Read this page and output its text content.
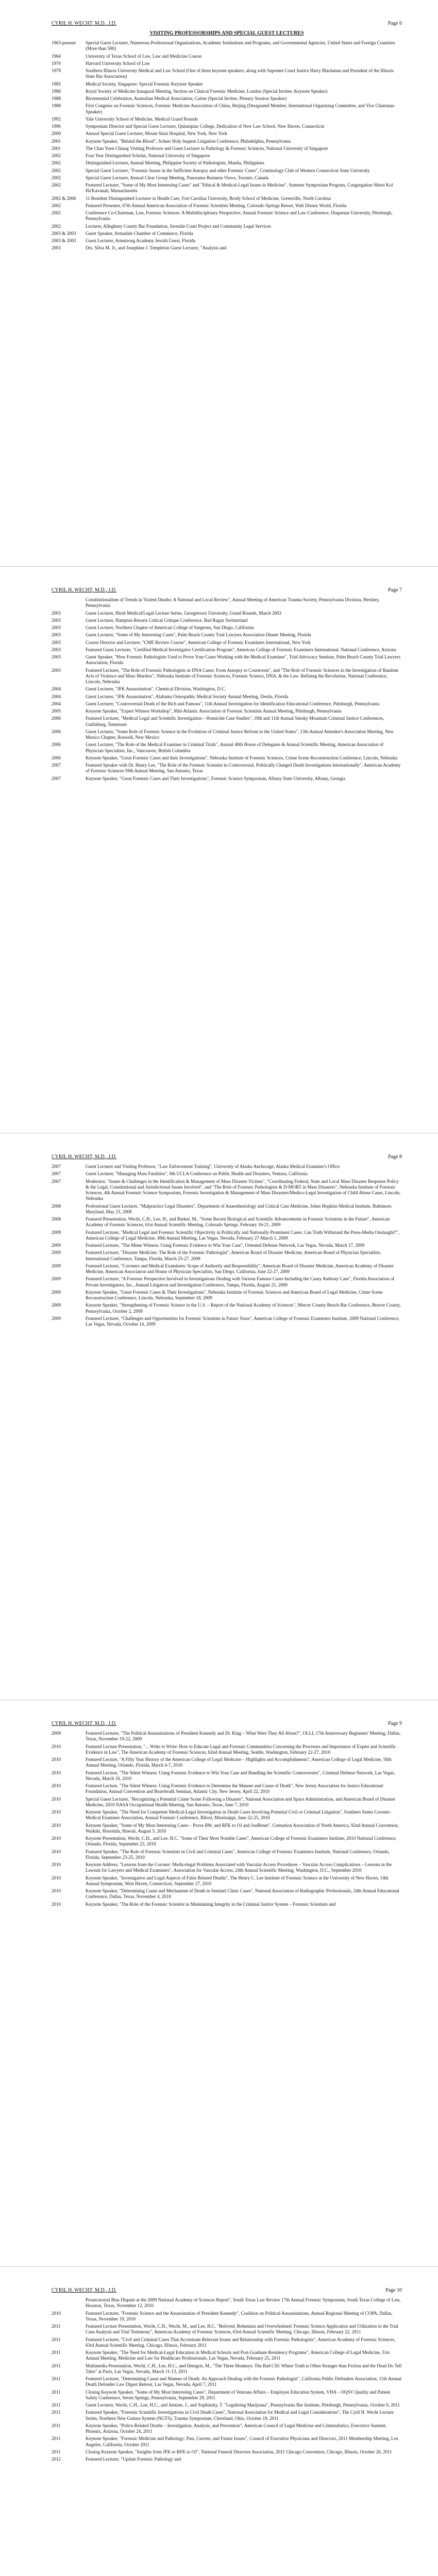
CYRIL H. WECHT, M.D., J.D.	Page 6
VISITING PROFESSORSHIPS AND SPECIAL GUEST LECTURES
1963-present	Special Guest Lecturer, Numerous Professional Organizations, Academic Institutions and Programs, and Governmental Agencies, United States and Foreign Countries (More than 500)
1964	University of Texas School of Law, Law and Medicine Course
1970	Harvard University School of Law
1979	Southern Illinois University Medical and Law School (One of three keynote speakers, along with Supreme Court Justice Harry Blackmun and President of the Illinois State Bar Association)
1985	Medical Society, Singapore: Special Forensic Keynote Speaker
1986	Royal Society of Medicine Inaugural Meeting, Section on Clinical Forensic Medicine, London (Special Invitee, Keynote Speaker)
1988	Bicentennial Celebration, Australian Medical Association, Cairns (Special Invitee, Plenary Session Speaker)
1988	First Congress on Forensic Sciences, Forensic Medicine Association of China, Beijing (Designated Member, International Organizing Committee, and Vice Chairman-Speaker)
1992	Yale University School of Medicine, Medical Grand Rounds
1996	Symposium Director and Special Guest Lecturer, Quinnipiac College, Dedication of New Law School, New Haven, Connecticut
2000	Annual Special Guest Lecturer, Mount Sinai Hospital, New York, New York
2001	Keynote Speaker, "Behind the Blood", Scheer Holy Inquest Litigation Conference, Philadelphia, Pennsylvania
2001	The Chan Yuen Chiang Visiting Professor and Guest Lecturer in Pathology & Forensic Sciences, National University of Singapore
2002	Four Year Distinguished Scholar, National University of Singapore
2002	Distinguished Lecturer, Annual Meeting, Philippine Society of Pathologists, Manila, Philippines
2002	Special Guest Lecturer, "Forensic Issues in the Sufficient Autopsy and other Forensic Cases", Criminology Club of Western Connecticut State University
2002	Special Guest Lecturer, Annual Clear Group Meeting, Panorama Business Views, Toronto, Canada
2002	Featured Lecturer, "Some of My Most Interesting Cases" and "Ethical & Medical-Legal Issues in Medicine", Summer Symposium Program, Congregation Shirei Kol Ha'Kavanah, Massachusetts
2002 & 2006	11 Resident Distinguished Lecturer in Health Care, Fort Carolina University, Brody School of Medicine, Greenville, North Carolina
2002	Featured Presenter, 67th Annual American Association of Forensic Scientists Meeting, Colorado Springs Resort, Walt Disney World, Florida
2002	Conference Co-Chairman, Law, Forensic Sciences: A Multidisciplinary Perspective, Annual Forensic Science and Law Conference, Duquesne University, Pittsburgh, Pennsylvania
2002	Lecturer, Allegheny County Bar Foundation, Juvenile Court Project and Community Legal Services
2003 & 2003	Guest Speaker, Armadale Chamber of Commerce, Florida
2003 & 2003	Guest Lecturer, Armstrong Academy Jewish Guest, Florida
2003	Drs. Silva M. Jr., and Josephine J. Templeton Guest Lecturer, "Analysis and
CYRIL H. WECHT, M.D., J.D.	Page 7
Constitutionalism of Trends in Violent Deaths: A National and Local Review", Annual Meeting of American Trauma Society, Pennsylvania Division, Hershey, Pennsylvania
2003	Guest Lecturer, Hirsh Medical/Legal Lecture Series, Georgetown University, Grand Rounds, March 2003
2003	Guest Lecturer, Hampton Resorts Critical Critique Conference, Bad Ragaz Switzerland
2003	Guest Lecturer, Northern Chapter of American College of Surgeons, San Diego, California
2003	Guest Lecturer, "Some of My Interesting Cases", Palm Beach County Trial Lawyers Association Dinner Meeting, Florida
2003	Course Director and Lecturer, "CME Review Course", American College of Forensic Examiners International, New York
2003	Featured Guest Lecturer, "Certified Medical Investigator Certification Program", American College of Forensic Examiners International, National Conference, Arizona
2003	Guest Speaker, "How Forensic Pathologists Used to Prove Your Cases Working with the Medical Examiner", Trial Advocacy Seminar, Palm Beach County Trial Lawyers Association, Florida
2003	Featured Lecturer, "The Role of Forensic Pathologists in DNA Cases: From Autopsy to Courtroom", and "The Role of Forensic Sciences in the Investigation of Random Acts of Violence and Mass Murders", Nebraska Institute of Forensic Sciences, Forensic Science, DNA, & the Law: Refining the Revolution, National Conference, Lincoln, Nebraska
2004	Guest Lecturer, "JFK Assassination", Chemical Division, Washington, D.C.
2004	Guest Lecturer, "JFK Assassination", Alabama Osteopathic Medical Society Annual Meeting, Destin, Florida
2004	Guest Lecturer, "Controversial Death of the Rich and Famous", 11th Annual Investigation for Identification Educational Conference, Pittsburgh, Pennsylvania
2005	Keynote Speaker, "Expert Witness Workshop", Mid-Atlantic Association of Forensic Scientists Annual Meeting, Pittsburgh, Pennsylvania
2006	Featured Lecturer, "Medical Legal and Scientific Investigation – Homicide Case Studies", 19th and 11th Annual Smoky Mountain Criminal Justice Conferences, Gatlinburg, Tennessee
2006	Guest Lecturer, "Some Role of Forensic Science in the Evolution of Criminal Justice Reform in the United States", 13th Annual Attendee's Association Meeting, New Mexico Chapter, Roswell, New Mexico
2006	Guest Lecturer, "The Role of the Medical Examiner in Criminal Trials", Annual 40th House of Delegates & Annual Scientific Meeting, American Association of Physician Specialists, Inc., Vancouver, British Columbia
2006	Keynote Speaker, "Great Forensic Cases and their Investigations", Nebraska Institute of Forensic Sciences, Crime Scene Reconstruction Conference, Lincoln, Nebraska
2007	Featured Speaker with Dr. Henry Lee, "The Role of the Forensic Scientist in Controversial, Politically Charged Death Investigations Internationally", American Academy of Forensic Sciences 59th Annual Meeting, San Antonio, Texas
2007	Keynote Speaker, "Great Forensic Cases and Their Investigations", Forensic Science Symposium, Albany State University, Albany, Georgia
CYRIL H. WECHT, M.D., J.D.	Page 8
2007	Guest Lecturer and Visiting Professor, "Law Enforcement Training", University of Alaska Anchorage, Alaska Medical Examiner's Office
2007	Guest Lecturer, "Managing Mass Fatalities", 8th UCLA Conference on Public Health and Disasters, Ventura, California
2007	Moderator, "Issues & Challenges in the Identification & Management of Mass Disaster Victims", "Coordinating Federal, State and Local Mass Disaster Response Policy & the Legal, Constitutional and Jurisdictional Issues Involved", and "The Role of Forensic Pathologists & D-MORT in Mass Disasters", Nebraska Institute of Forensic Sciences, 4th Annual Forensic Science Symposium, Forensic Investigation & Management of Mass Disasters/Medico-Legal Investigation of Child Abuse Cases, Lincoln, Nebraska
2008	Professional Guest Lecturer, "Malpractice Legal Disasters", Department of Anaesthesiology and Critical Care Medicine, Johns Hopkins Medical Institute, Baltimore, Maryland, May 23, 2008
2008	Featured Presentation, Wecht, C.H., Lee, H., and Barker, M., "Some Recent Biological and Scientific Advancements in Forensic Scientists in the Future", American Academy of Forensic Sciences, 61st Annual Scientific Meeting, Colorado Springs, February 16-21, 2009
2009	Featured Lecturer, "Medical Legal and Forensic Scientific Objectivity in Politically and Nationally Prominent Cases: Can Truth Withstand the Press-Media Onslaught?", American College of Legal Medicine, 49th Annual Meeting, Las Vegas, Nevada, February 27-March 1, 2009
2009	Featured Lecturer, "The Mime Witness: Using Forensic Evidence to Win Your Case", Oriented Defense Network, Las Vegas, Nevada, March 17, 2009
2009	Featured Lecturer, "Disaster Medicine: The Role of the Forensic Pathologist", American Board of Disaster Medicine, American Board of Physician Specialists, International Conference, Tampa, Florida, March 25-27, 2009
2009	Featured Lecturer, "Coroners and Medical Examiners: Scope of Authority and Responsibility", American Board of Disaster Medicine, American Academy of Disaster Medicine, American Association and House of Physician Specialists, San Diego, California, June 22-27, 2009
2009	Featured Lecturer, "A Forensic Perspective Involved in Investigations Dealing with Various Famous Cases Including the Casey Anthony Case", Florida Association of Private Investigators, Inc., Annual Litigation and Investigation Conference, Tampa, Florida, August 21, 2009
2009	Keynote Speaker, "Great Forensic Cases & Their Investigations", Nebraska Institute of Forensic Sciences and American Board of Legal Medicine, Crime Scene Reconstruction Conference, Lincoln, Nebraska, September 18, 2009
2009	Keynote Speaker, "Strengthening of Forensic Science in the U.S. – Report of the National Academy of Sciences", Mercer County Bench-Bar Conference, Beaver County, Pennsylvania, October 2, 2009
2009	Featured Lecturer, "Challenges and Opportunities for Forensic Scientists in Future Years", American College of Forensic Examiners Institute, 2009 National Conference, Las Vegas, Nevada, October 14, 2009
CYRIL H. WECHT, M.D., J.D.	Page 9
2009	Featured Lecturer, "The Political Assassinations of President Kennedy and Dr. King – What Were They All About?", OLLI, 17th Anniversary Beginners' Meeting, Dallas, Texas, November 19-22, 2009
2010	Featured Lecture Presentation, "... Write to Write: How to Educate Legal and Forensic Communities Concerning the Processes and Importance of Expert and Scientific Evidence in Law", The American Academy of Forensic Sciences, 62nd Annual Meeting, Seattle, Washington, February 22-27, 2010
2010	Featured Lecture, "A Fifty Year History of the American College of Legal Medicine – Highlights and Accomplishments", American College of Legal Medicine, 50th Annual Meeting, Orlando, Florida, March 4-7, 2010
2010	Featured Lecture, "The Silent Witness: Using Forensic Evidence to Win Your Case and Handling the Scientific Controversies", Criminal Defense Network, Las Vegas, Nevada, March 16, 2010
2010	Featured Lecture, "The Silent Witness: Using Forensic Evidence to Determine the Manner and Cause of Death", New Jersey Association for Justice Educational Foundation, Annual Convention and Boardwalk Seminar, Atlantic City, New Jersey, April 22, 2010
2010	Special Guest Lecturer, "Recognizing a Potential Crime Scene Following a Disaster", National Association and Space Administration, and American Board of Disaster Medicine, 2010 NASA Occupational Health Meeting, San Antonio, Texas, June 7, 2010
2010	Keynote Speaker, "The Need for Competent Medical-Legal Investigation in Death Cases Involving Potential Civil or Criminal Litigation", Southern States Coroner-Medical Examiner Association, Annual Forensic Conference, Biloxi, Mississippi, June 22-25, 2010
2010	Keynote Speaker, "Some of My Most Interesting Cases – Prove RW, and RFK to OJ and JonBenet", Cremation Association of North America, 92nd Annual Convention, Waikiki, Honolulu, Hawaii, August 5, 2010
2010	Keynote Presentation, Wecht, C.H., and Lee, H.C. "Some of Their Most Notable Cases", American College of Forensic Examiners Institute, 2010 National Conference, Orlando, Florida, September 23, 2010
2010	Featured Speaker, "The Role of Forensic Scientists in Civil and Criminal Cases", American College of Forensic Examiners Institute, National Conference, Orlando, Florida, September 23-25, 2010
2010	Keynote Address, "Lessons from the Coroner: Medicolegal Problems Associated with Vascular Access Procedures – Vascular Access Complications – Lessons in the Lawsuit for Lawyers and Medical Examiners", Association for Vascular Access, 24th Annual Scientific Meeting, Washington, D.C., September 2010
2010	Keynote Speaker, "Investigative and Legal Aspects of False Belated Deaths", The Henry C. Lee Institute of Forensic Science at the University of New Haven, 14th Annual Symposium, West Haven, Connecticut, September 27, 2010
2010	Keynote Speaker, "Determining Cause and Mechanism of Death in Sentinel Clinic Cases", National Association of Radiographic Professionals, 24th Annual Educational Conference, Dallas, Texas, November 4, 2010
2010	Keynote Speaker, "The Role of the Forensic Scientist in Maintaining Integrity in the Criminal Justice System – Forensic Scientists and
CYRIL H. WECHT, M.D., J.D.	Page 10
Prosecutorial Bias Dispute at the 2009 National Academy of Sciences Report", South Texas Law Review 17th Annual Forensic Symposium, South Texas College of Law, Houston, Texas, November 12, 2010
2010	Featured Lecturer, "Forensic Science and the Assassination of President Kennedy", Coalition on Political Assassinations, Annual Regional Meeting of COPA, Dallas, Texas, November 19, 2010
2011	Featured Lecture Presentation, Wecht, C.H., Wecht, M., and Lee, H.C. "Beloved, Bohemian and Overwhelmed: Forensic Science Application and Utilization in the Trial Case Analysis and Trial Testimony", American Academy of Forensic Sciences, 63rd Annual Scientific Meeting, Chicago, Illinois, February 22, 2011
2011	Featured Lecturer, "Civil and Criminal Cases That Accentuate Relevant Issues and Relationship with Forensic Pathologists", American Academy of Forensic Sciences, 63rd Annual Scientific Meeting, Chicago, Illinois, February 2011
2011	Keynote Speaker, "The Need for Medical-Legal Education in Medical Schools and Post-Graduate Residency Programs", American College of Legal Medicine, 51st Annual Meeting, Medicine and Law for Healthcare Professionals, Las Vegas, Nevada, February 25, 2011
2011	Multimedia Presentation, Wecht, C.H., Lee, H.C., and Denigris, M., "The Three Monkeys: The Bad CSI: Where Truth is Often Stranger than Fiction and the Dead Do Tell Tales" at Paris, Las Vegas, Nevada, March 11-13, 2011
2011	Featured Lecturer, "Determining Cause and Manner of Death: An Approach Dealing with the Forensic Pathologist", California Public Defenders Association, 11th Annual Death Defender Law Digest Retreat, Las Vegas, Nevada, April 7, 2011
2011	Closing Keynote Speaker, "Some of My Most Interesting Cases", Department of Veterans Affairs – Employee Education System, VHA – OQSV Quality and Patient Safety Conference, Seven Springs, Pennsylvania, September 29, 2011
2011	Guest Lecturer, Wecht, C.H., Lee, H.C., and Jentzen, J., and Sophinsky, T. "Legalizing Marijuana", Pennsylvania Bar Institute, Pittsburgh, Pennsylvania, October 6, 2011
2011	Featured Speaker, "Forensic Scientific Investigations in Civil Death Cases", National Association for Medical and Legal Considerations", The Cyril H. Wecht Lecture Series, Northern New Guinea System (NGTS), Trauma Symposium, Cleveland, Ohio, October 19, 2011
2011	Keynote Speaker, "Police-Related Deaths – Investigation, Analysis, and Prevention", American Council of Legal Medicine and Criminalistics, Executive Summit, Phoenix, Arizona, October 24, 2011
2011	Keynote Speaker, "Forensic Medicine and Pathology: Past, Current, and Future Issues", Council of Executive Physicians and Directors, 2011 Membership Meeting, Los Angeles, California, October 2011
2011	Closing Keynote Speaker, "Insights from JFK to RFK to OJ", National Funeral Directors Association, 2011 Chicago Convention, Chicago, Illinois, October 26, 2011
2012	Featured Lecturer, "Update Forensic Pathology and
